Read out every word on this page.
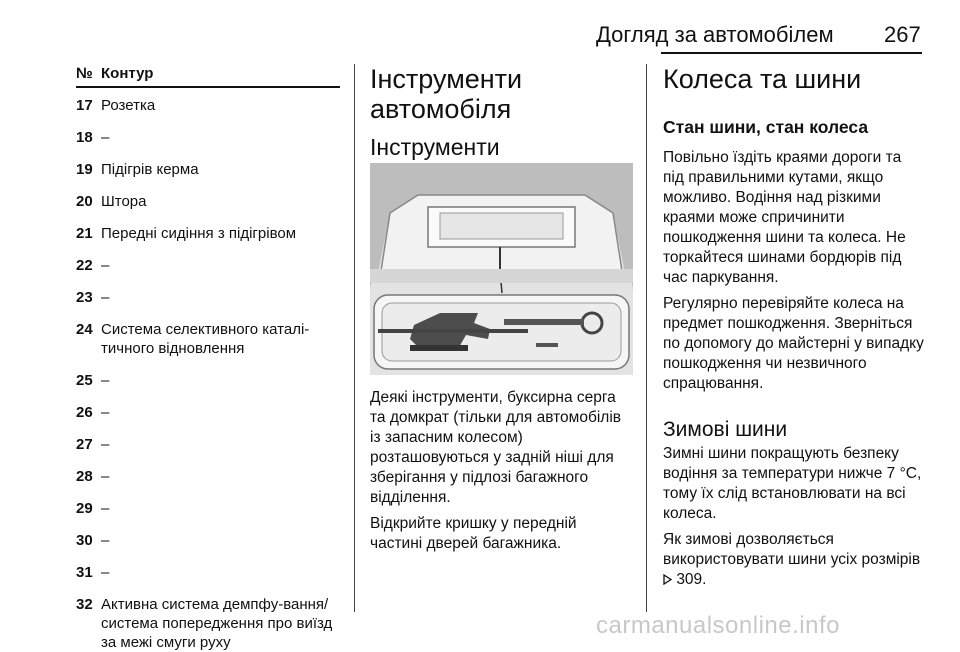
Догляд за автомобілем 267
№ Контур
17 Розетка
18 –
19 Підігрів керма
20 Штора
21 Передні сидіння з підігрівом
22 –
23 –
24 Система селективного каталі-тичного відновлення
25 –
26 –
27 –
28 –
29 –
30 –
31 –
32 Активна система демпфу-вання/система попередження про виїзд за межі смуги руху
Інструменти автомобіля
Інструменти

Деякі інструменти, буксирна серга та домкрат (тільки для автомобілів із запасним колесом) розташовуються у задній ніші для зберігання у підлозі багажного відділення.

Відкрийте кришку у передній частині дверей багажника.

Колеса та шини
Стан шини, стан колеса

Повільно їздіть краями дороги та під правильними кутами, якщо можливо. Водіння над різкими краями може спричинити пошкодження шини та колеса. Не торкайтеся шинами бордюрів під час паркування.

Регулярно перевіряйте колеса на предмет пошкодження. Зверніться по допомогу до майстерні у випадку пошкодження чи незвичного спрацювання.

Зимові шини

Зимні шини покращують безпеку водіння за температури нижче 7 °C, тому їх слід встановлювати на всі колеса.

Як зимові дозволяється використовувати шини усіх розмірів  309.

carmanualsonline.info
